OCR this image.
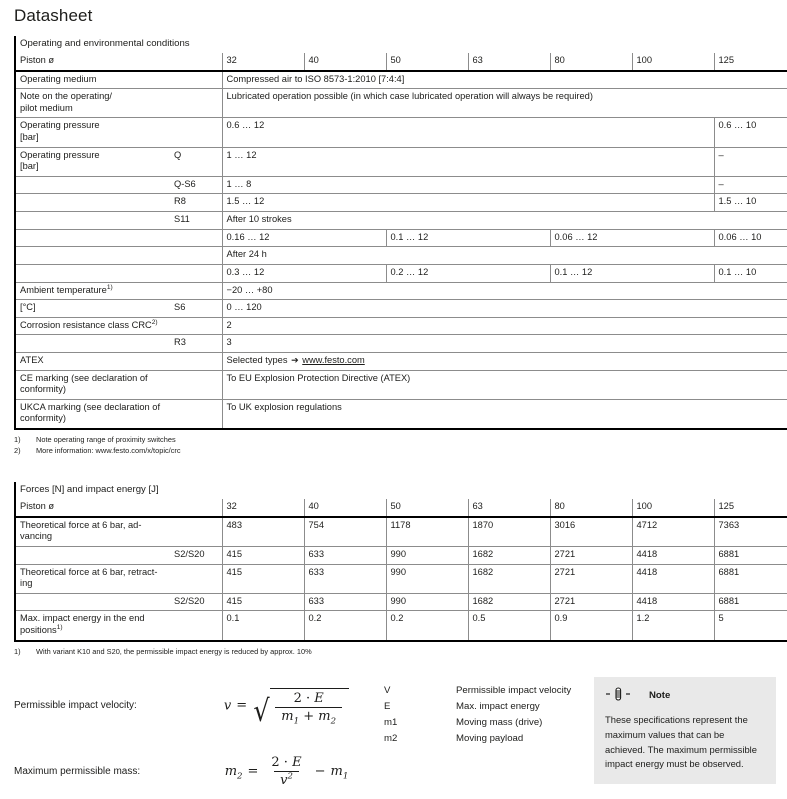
Datasheet
Operating and environmental conditions								
Piston ø		32	40	50	63	80	100	125
Operating medium		Compressed air to ISO 8573-1:2010 [7:4:4]						
Note on the operating/
pilot medium		Lubricated operation possible (in which case lubricated operation will always be required)						
Operating pressure
[bar]		0.6 … 12						0.6 … 10
Operating pressure
[bar]	Q	1 … 12						–
	Q-S6	1 … 8						–
	R8	1.5 … 12						1.5 … 10
	S11	After 10 strokes						
		0.16 … 12		0.1 … 12		0.06 … 12		0.06 … 10
		After 24 h						
		0.3 … 12		0.2 … 12		0.1 … 12		0.1 … 10
Ambient temperature$^{1)}$		−20 … +80						
[°C]	S6	0 … 120						
Corrosion resistance class CRC$^{2)}$		2						
	R3	3						
ATEX		Selected types ➔ www.festo.com						
CE marking (see declaration of
conformity)		To EU Explosion Protection Directive (ATEX)						
UKCA marking (see declaration of
conformity)		To UK explosion regulations						
1)	Note operating range of proximity switches
2)	More information: www.festo.com/x/topic/crc
Forces [N] and impact energy [J]								
Piston ø		32	40	50	63	80	100	125
Theoretical force at 6 bar, ad-
vancing		483	754	1178	1870	3016	4712	7363
	S2/S20	415	633	990	1682	2721	4418	6881
Theoretical force at 6 bar, retract-
ing		415	633	990	1682	2721	4418	6881
	S2/S20	415	633	990	1682	2721	4418	6881
Max. impact energy in the end positions$^{1)}$		0.1	0.2	0.2	0.5	0.9	1.2	5
1)	With variant K10 and S20, the permissible impact energy is reduced by approx. 10%
Permissible impact velocity:	v = √ $\frac{2 \cdot E}{m_1 + m_2}$
Maximum permissible mass:	$m_2 = \frac{2 \cdot E}{v^2} - m_1$
V	Permissible impact velocity
E	Max. impact energy
m1	Moving mass (drive)
m2	Moving payload
Note
These specifications represent the maximum values that can be achieved. The maximum permissible impact energy must be observed.
